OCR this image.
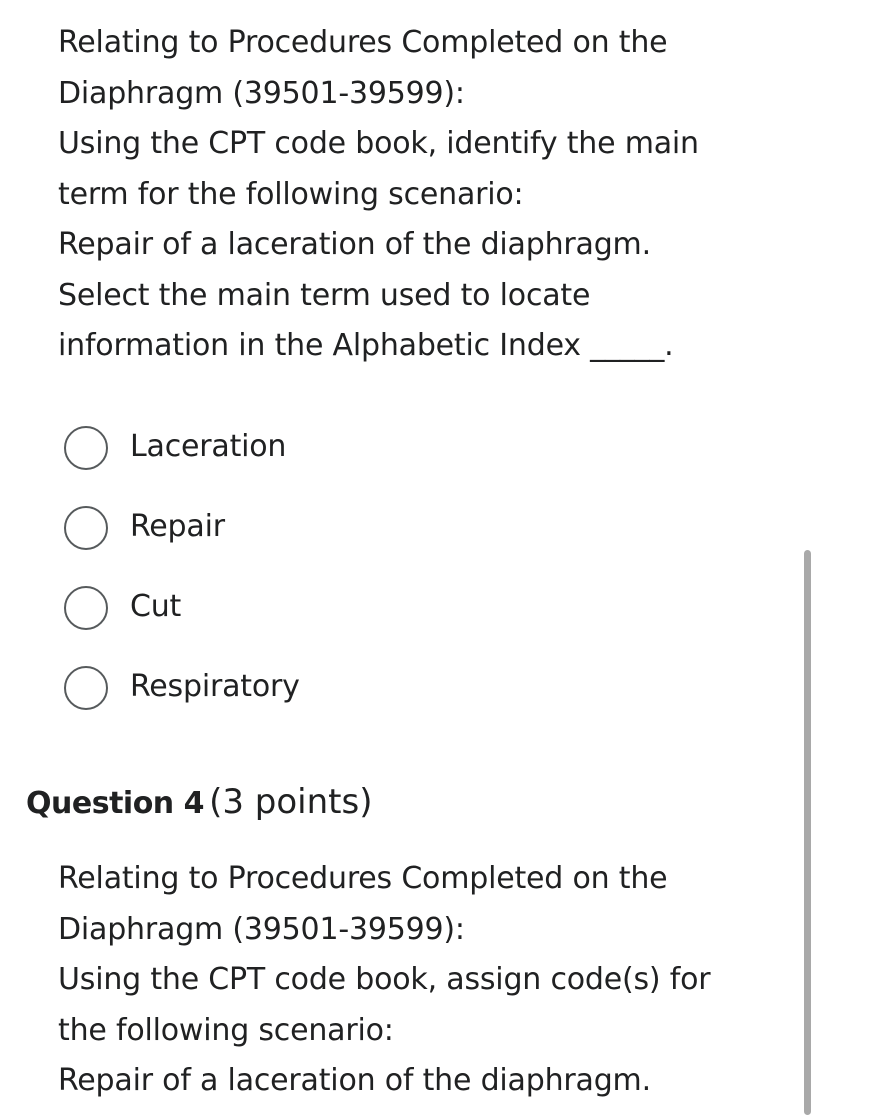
Relating to Procedures Completed on the
Diaphragm (39501-39599):
Using the CPT code book, identify the main
term for the following scenario:
Repair of a laceration of the diaphragm.
Select the main term used to locate
information in the Alphabetic Index _____.
Laceration
Repair
Cut
Respiratory
Question 4 (3 points)
Relating to Procedures Completed on the
Diaphragm (39501-39599):
Using the CPT code book, assign code(s) for
the following scenario:
Repair of a laceration of the diaphragm.
